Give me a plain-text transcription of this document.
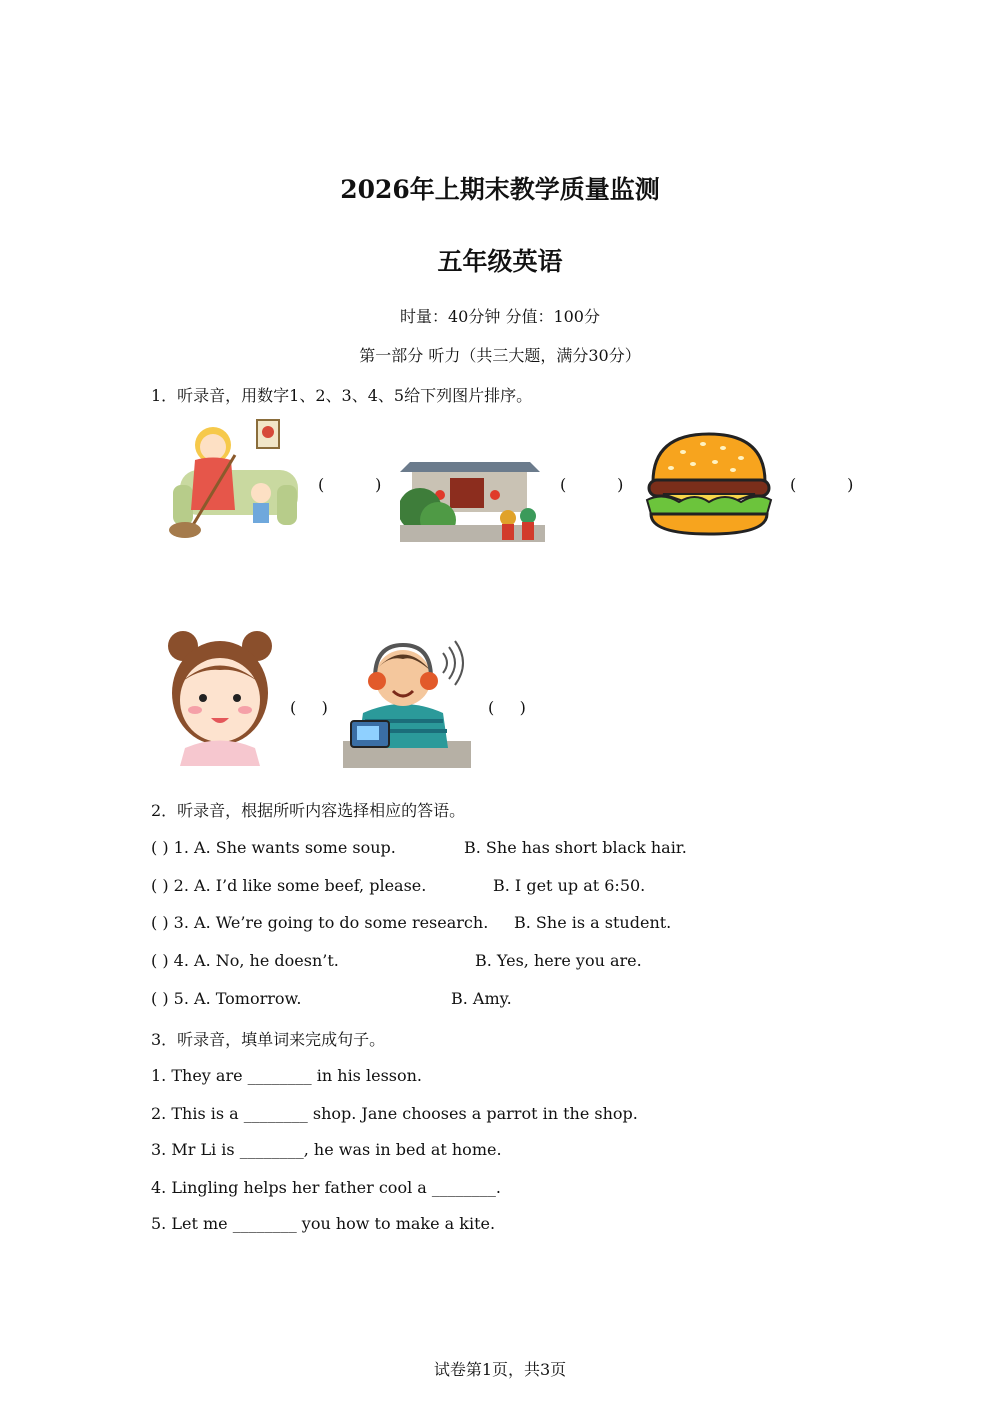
2026年上期末教学质量监测
五年级英语
时量：40分钟 分值：100分
第一部分 听力（共三大题，满分30分）
1．听录音，用数字1、2、3、4、5给下列图片排序。
(          )	(          )	(          )
(     )	(     )
2．听录音，根据所听内容选择相应的答语。
( ) 1. A. She wants some soup.	B. She has short black hair.
( ) 2. A. I’d like some beef, please.	B. I get up at 6:50.
( ) 3. A. We’re going to do some research. B. She is a student.
( ) 4. A. No, he doesn’t.	B. Yes, here you are.
( ) 5. A. Tomorrow.	B. Amy.
3．听录音，填单词来完成句子。
1. They are ________ in his lesson.
2. This is a ________ shop. Jane chooses a parrot in the shop.
3. Mr Li is ________, he was in bed at home.
4. Lingling helps her father cool a ________.
5. Let me ________ you how to make a kite.
试卷第1页，共3页
